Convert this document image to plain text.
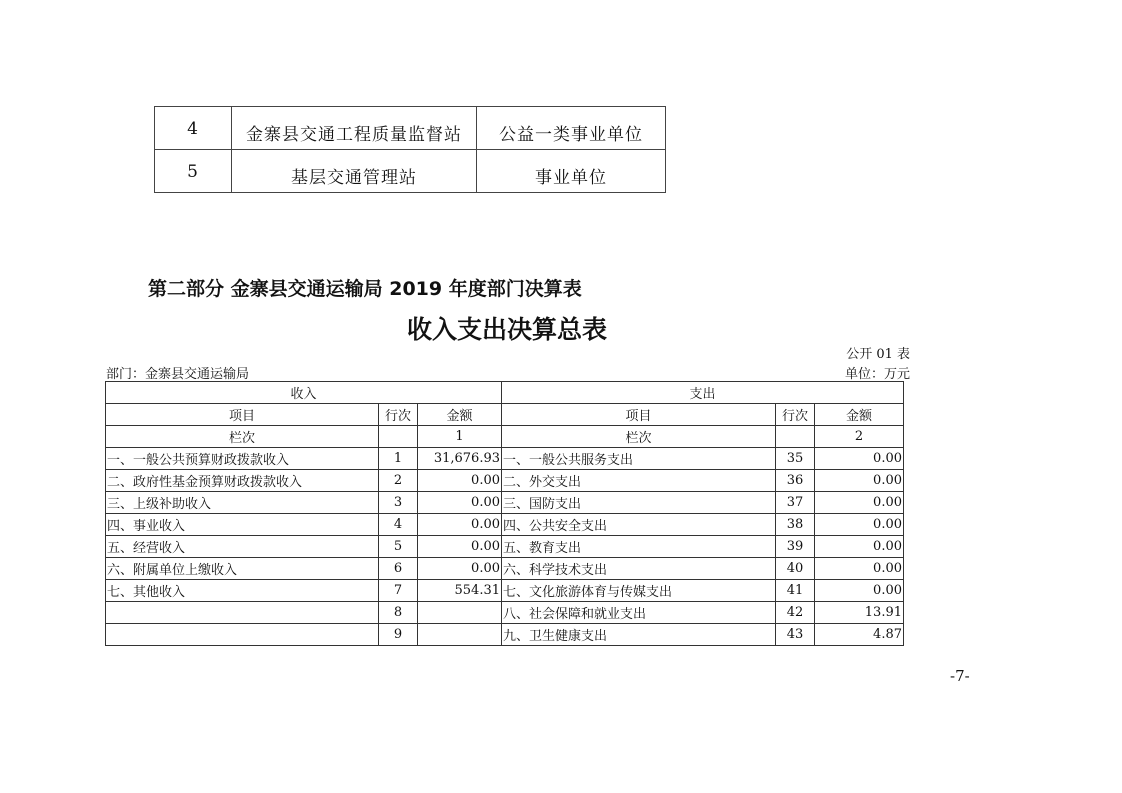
4	金寨县交通工程质量监督站	公益一类事业单位
5	基层交通管理站	事业单位
第二部分 金寨县交通运输局 2019 年度部门决算表
收入支出决算总表
公开 01 表
部门：金寨县交通运输局	单位：万元
收入			支出		
项目	行次	金额	项目	行次	金额
栏次		1	栏次		2
一、一般公共预算财政拨款收入	1	31,676.93	一、一般公共服务支出	35	0.00
二、政府性基金预算财政拨款收入	2	0.00	二、外交支出	36	0.00
三、上级补助收入	3	0.00	三、国防支出	37	0.00
四、事业收入	4	0.00	四、公共安全支出	38	0.00
五、经营收入	5	0.00	五、教育支出	39	0.00
六、附属单位上缴收入	6	0.00	六、科学技术支出	40	0.00
七、其他收入	7	554.31	七、文化旅游体育与传媒支出	41	0.00
	8		八、社会保障和就业支出	42	13.91
	9		九、卫生健康支出	43	4.87
-7-
